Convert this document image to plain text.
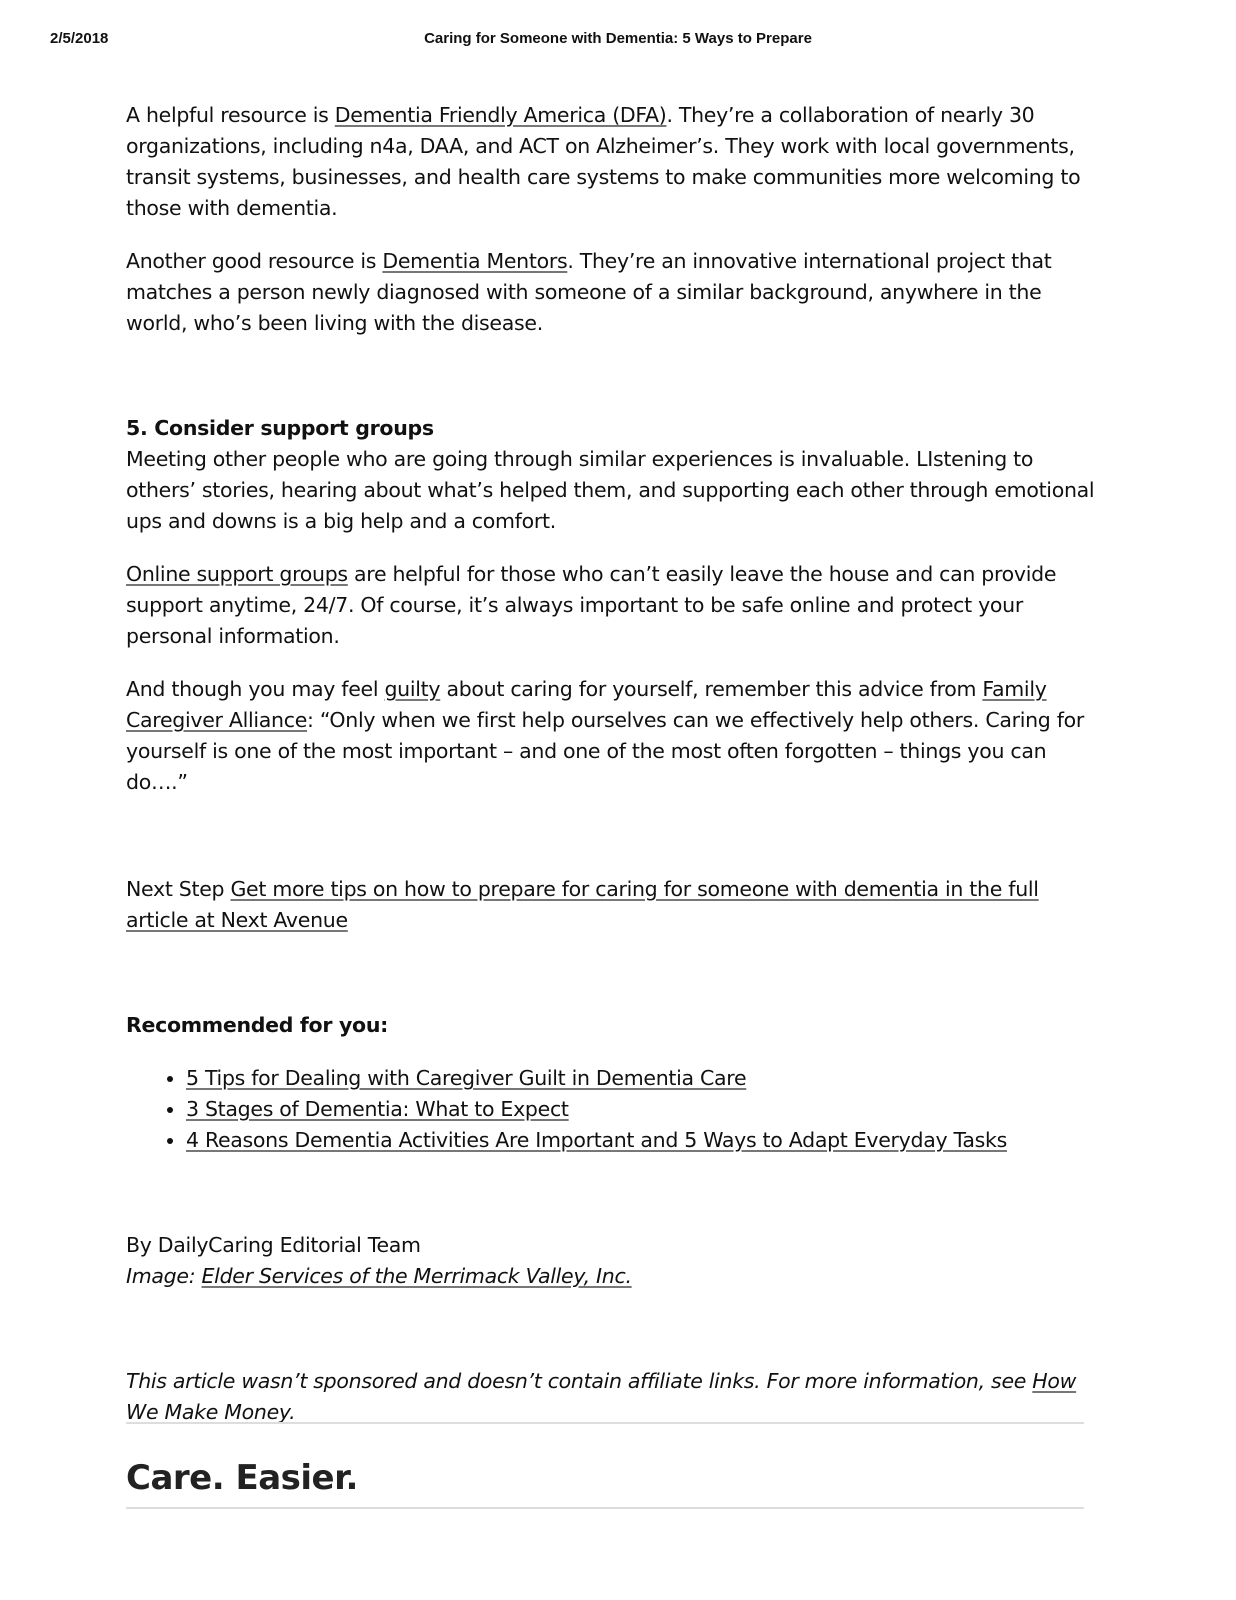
2/5/2018	Caring for Someone with Dementia: 5 Ways to Prepare

A helpful resource is Dementia Friendly America (DFA). They’re a collaboration of nearly 30 organizations, including n4a, DAA, and ACT on Alzheimer’s. They work with local governments, transit systems, businesses, and health care systems to make communities more welcoming to those with dementia.

Another good resource is Dementia Mentors. They’re an innovative international project that matches a person newly diagnosed with someone of a similar background, anywhere in the world, who’s been living with the disease.

5. Consider support groups

Meeting other people who are going through similar experiences is invaluable. LIstening to others’ stories, hearing about what’s helped them, and supporting each other through emotional ups and downs is a big help and a comfort.

Online support groups are helpful for those who can’t easily leave the house and can provide support anytime, 24/7. Of course, it’s always important to be safe online and protect your personal information.

And though you may feel guilty about caring for yourself, remember this advice from Family Caregiver Alliance: “Only when we first help ourselves can we effectively help others. Caring for yourself is one of the most important – and one of the most often forgotten – things you can do….”

Next Step Get more tips on how to prepare for caring for someone with dementia in the full article at Next Avenue

Recommended for you:

• 5 Tips for Dealing with Caregiver Guilt in Dementia Care
• 3 Stages of Dementia: What to Expect
• 4 Reasons Dementia Activities Are Important and 5 Ways to Adapt Everyday Tasks

By DailyCaring Editorial Team

Image: Elder Services of the Merrimack Valley, Inc.

This article wasn’t sponsored and doesn’t contain affiliate links. For more information, see How We Make Money.

Care. Easier.
